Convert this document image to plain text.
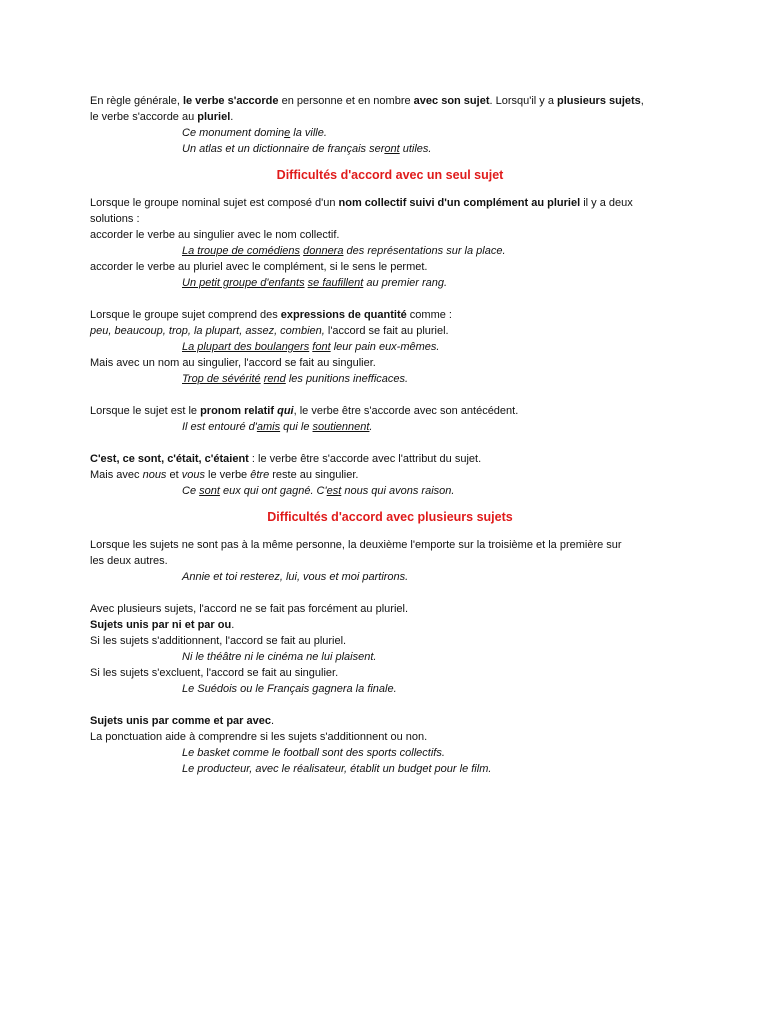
En règle générale, le verbe s'accorde en personne et en nombre avec son sujet. Lorsqu'il y a plusieurs sujets,

le verbe s'accorde au pluriel.

Ce monument domine la ville.

Un atlas et un dictionnaire de français seront utiles.

Difficultés d'accord avec un seul sujet

Lorsque le groupe nominal sujet est composé d'un nom collectif suivi d'un complément au pluriel il y a deux

solutions :

accorder le verbe au singulier avec le nom collectif.

La troupe de comédiens donnera des représentations sur la place.

accorder le verbe au pluriel avec le complément, si le sens le permet.

Un petit groupe d'enfants se faufillent au premier rang.

Lorsque le groupe sujet comprend des expressions de quantité comme :

peu, beaucoup, trop, la plupart, assez, combien, l'accord se fait au pluriel.

La plupart des boulangers font leur pain eux-mêmes.

Mais avec un nom au singulier, l'accord se fait au singulier.

Trop de sévérité rend les punitions inefficaces.

Lorsque le sujet est le pronom relatif qui, le verbe être s'accorde avec son antécédent.

Il est entouré d'amis qui le soutiennent.

C'est, ce sont, c'était, c'étaient : le verbe être s'accorde avec l'attribut du sujet.

Mais avec nous et vous le verbe être reste au singulier.

Ce sont eux qui ont gagné. C'est nous qui avons raison.

Difficultés d'accord avec plusieurs sujets

Lorsque les sujets ne sont pas à la même personne, la deuxième l'emporte sur la troisième et la première sur

les deux autres.

Annie et toi resterez, lui, vous et moi partirons.

Avec plusieurs sujets, l'accord ne se fait pas forcément au pluriel.

Sujets unis par ni et par ou.

Si les sujets s'additionnent, l'accord se fait au pluriel.

Ni le théâtre ni le cinéma ne lui plaisent.

Si les sujets s'excluent, l'accord se fait au singulier.

Le Suédois ou le Français gagnera la finale.

Sujets unis par comme et par avec.

La ponctuation aide à comprendre si les sujets s'additionnent ou non.

Le basket comme le football sont des sports collectifs.

Le producteur, avec le réalisateur, établit un budget pour le film.
